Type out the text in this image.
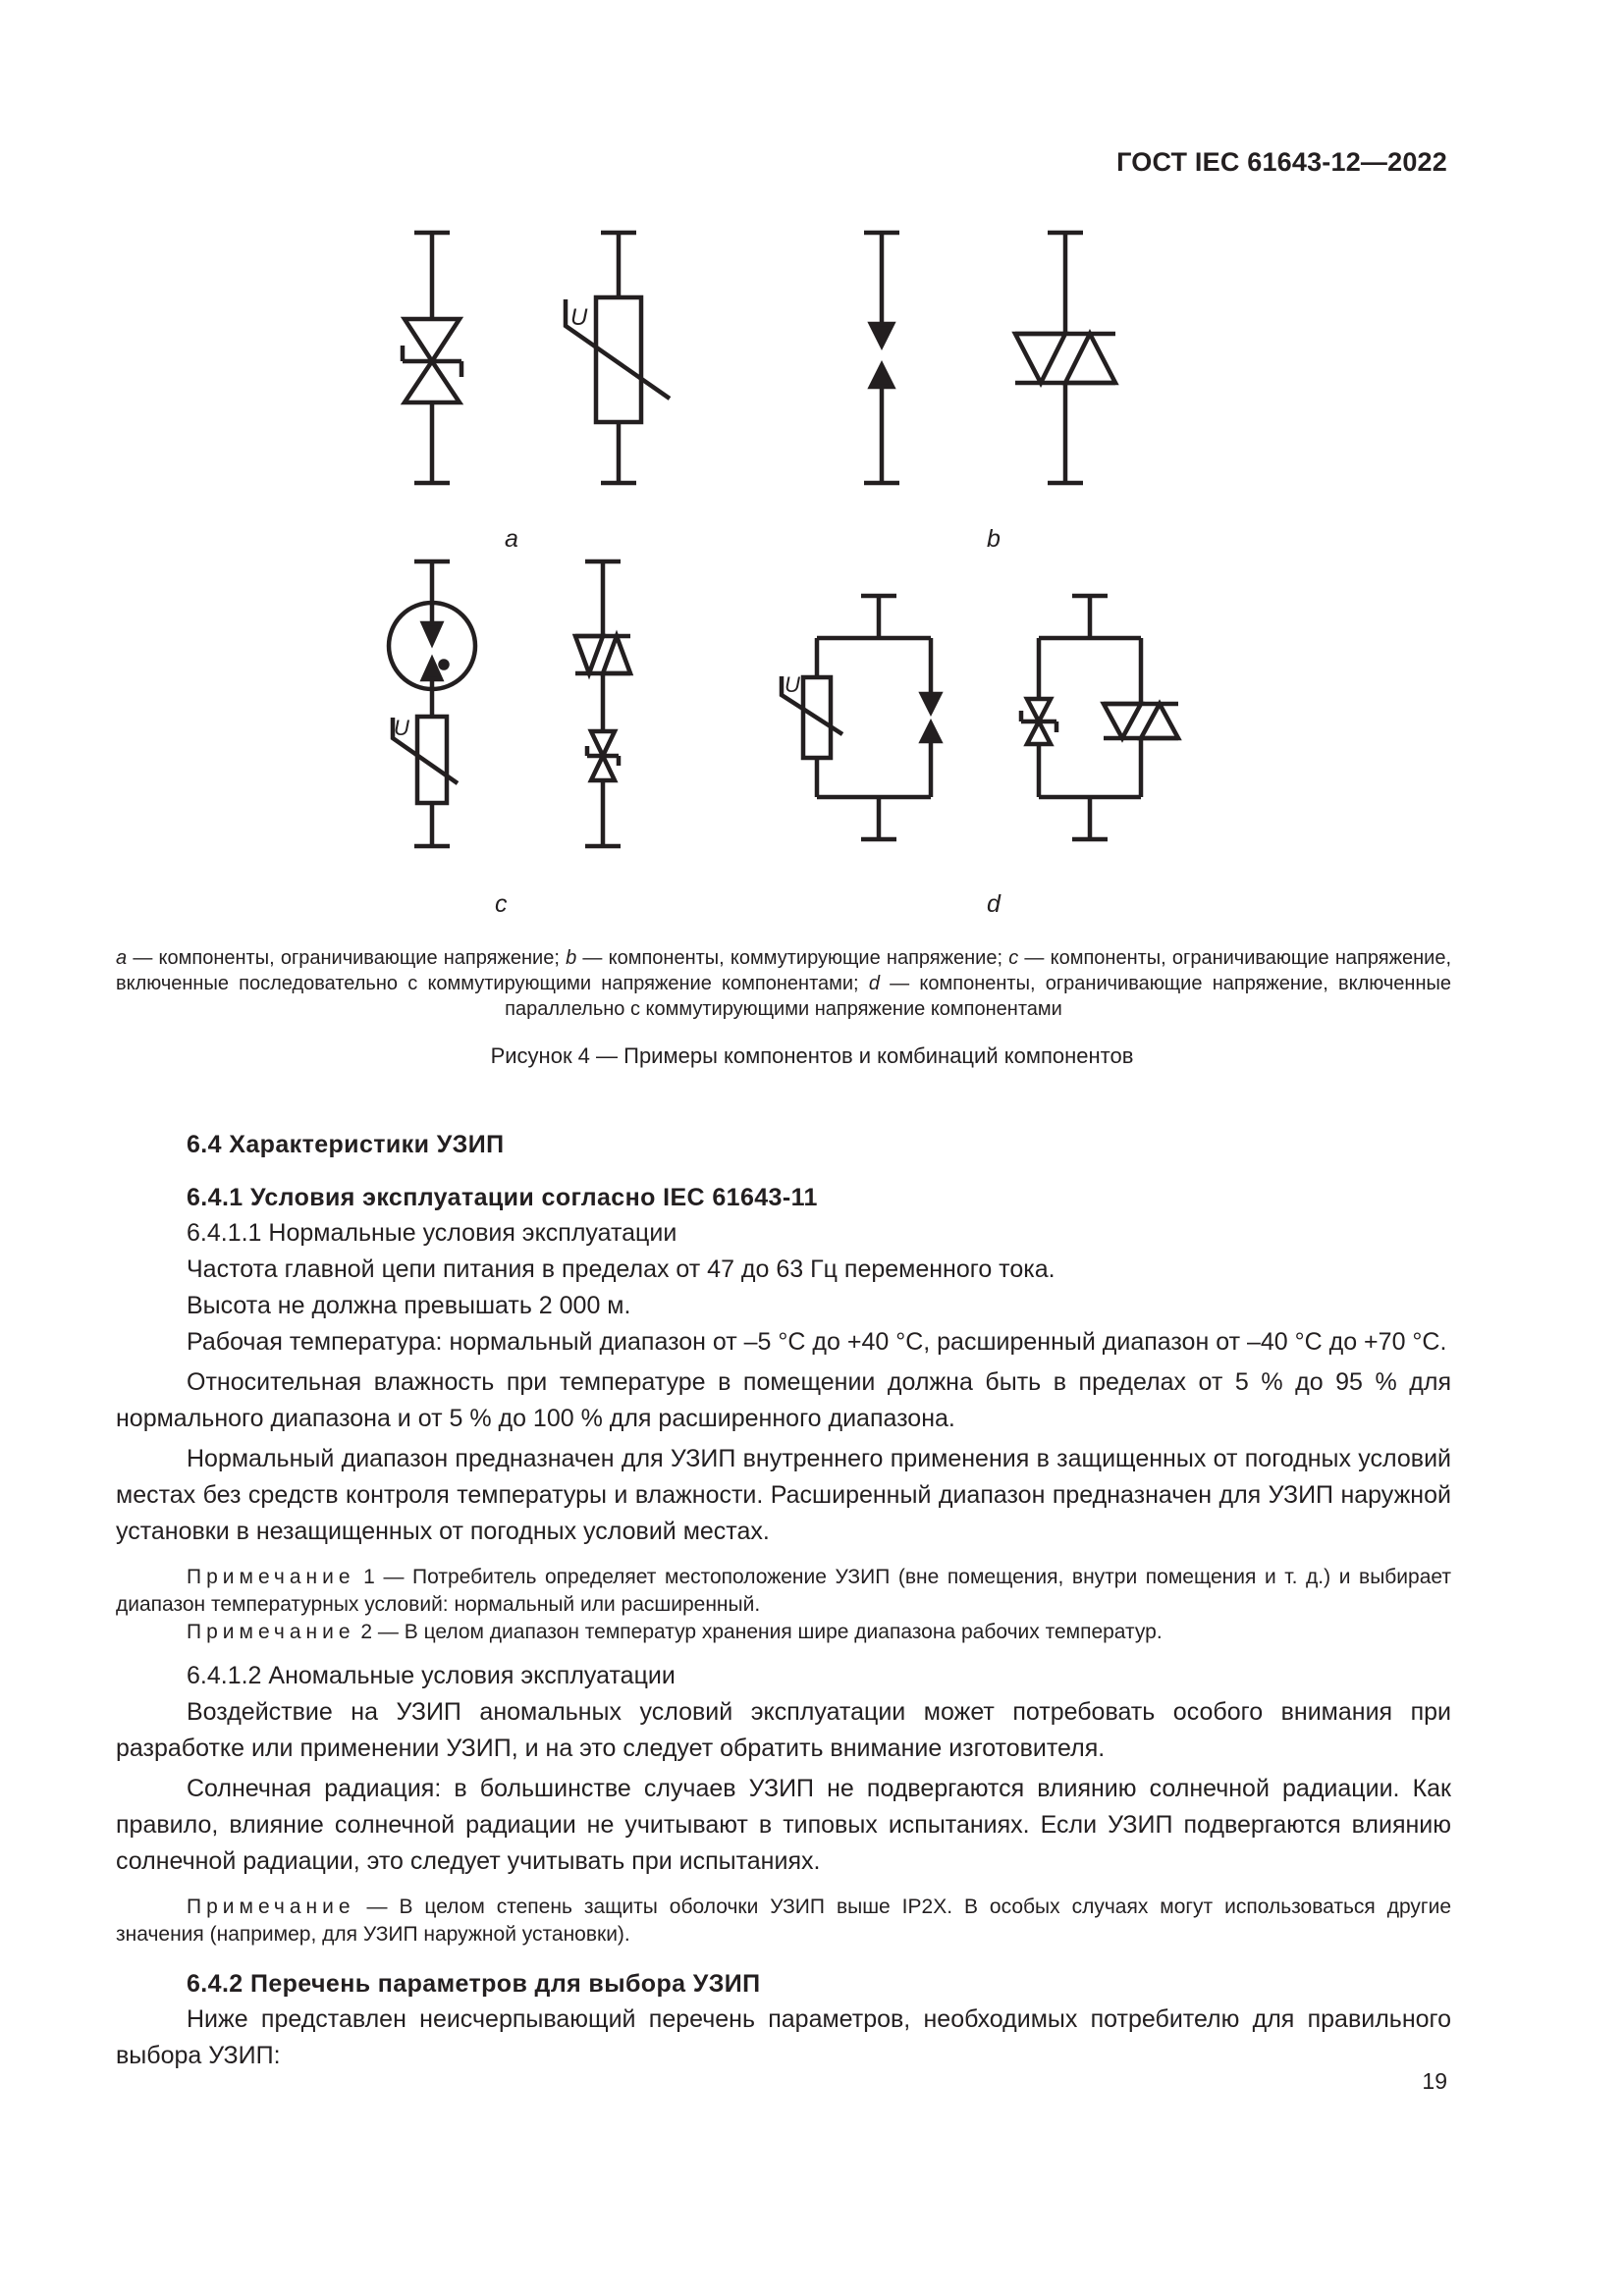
ГОСТ IEC 61643-12—2022
U
U
U
a	b
c	d
a — компоненты, ограничивающие напряжение; b — компоненты, коммутирующие напряжение; c — компоненты, ограничивающие напряжение, включенные последовательно с коммутирующими напряжение компонентами; d — компоненты, ограничивающие напряжение, включенные параллельно с коммутирующими напряжение компонентами
Рисунок 4 — Примеры компонентов и комбинаций компонентов

6.4 Характеристики УЗИП

6.4.1 Условия эксплуатации согласно IEC 61643-11

6.4.1.1 Нормальные условия эксплуатации

Частота главной цепи питания в пределах от 47 до 63 Гц переменного тока.

Высота не должна превышать 2 000 м.

Рабочая температура: нормальный диапазон от –5 °С до +40 °С, расширенный диапазон от –40 °С до +70 °С.

Относительная влажность при температуре в помещении должна быть в пределах от 5 % до 95 % для нормального диапазона и от 5 % до 100 % для расширенного диапазона.

Нормальный диапазон предназначен для УЗИП внутреннего применения в защищенных от погодных условий местах без средств контроля температуры и влажности. Расширенный диапазон предназначен для УЗИП наружной установки в незащищенных от погодных условий местах.

Примечание 1 — Потребитель определяет местоположение УЗИП (вне помещения, внутри помещения и т. д.) и выбирает диапазон температурных условий: нормальный или расширенный.

Примечание 2 — В целом диапазон температур хранения шире диапазона рабочих температур.

6.4.1.2 Аномальные условия эксплуатации

Воздействие на УЗИП аномальных условий эксплуатации может потребовать особого внимания при разработке или применении УЗИП, и на это следует обратить внимание изготовителя.

Солнечная радиация: в большинстве случаев УЗИП не подвергаются влиянию солнечной радиации. Как правило, влияние солнечной радиации не учитывают в типовых испытаниях. Если УЗИП подвергаются влиянию солнечной радиации, это следует учитывать при испытаниях.

Примечание — В целом степень защиты оболочки УЗИП выше IP2X. В особых случаях могут использоваться другие значения (например, для УЗИП наружной установки).

6.4.2 Перечень параметров для выбора УЗИП

Ниже представлен неисчерпывающий перечень параметров, необходимых потребителю для правильного выбора УЗИП:

19
